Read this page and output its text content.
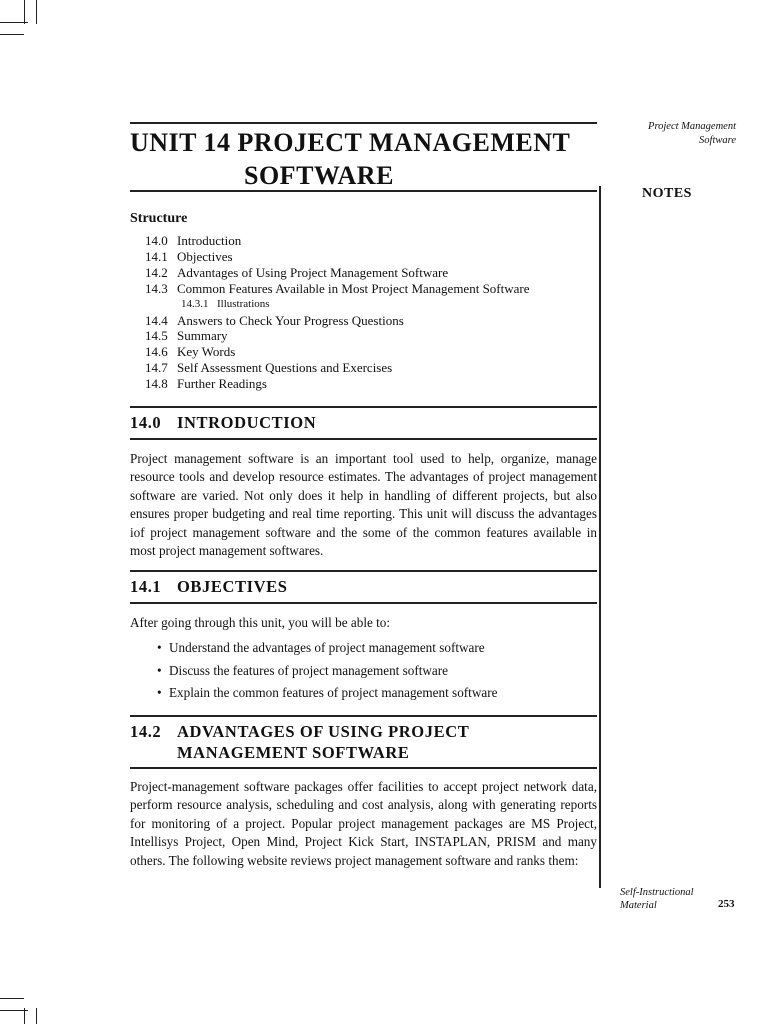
UNIT 14 PROJECT MANAGEMENT
SOFTWARE
Project Management
Software
NOTES
Structure
14.0 Introduction
14.1 Objectives
14.2 Advantages of Using Project Management Software
14.3 Common Features Available in Most Project Management Software
14.3.1 Illustrations
14.4 Answers to Check Your Progress Questions
14.5 Summary
14.6 Key Words
14.7 Self Assessment Questions and Exercises
14.8 Further Readings
14.0 INTRODUCTION
Project management software is an important tool used to help, organize, manage resource tools and develop resource estimates. The advantages of project management software are varied. Not only does it help in handling of different projects, but also ensures proper budgeting and real time reporting. This unit will discuss the advantages iof project management software and the some of the common features available in most project management softwares.
14.1 OBJECTIVES
After going through this unit, you will be able to:
• Understand the advantages of project management software
• Discuss the features of project management software
• Explain the common features of project management software
14.2 ADVANTAGES OF USING PROJECT
MANAGEMENT SOFTWARE
Project-management software packages offer facilities to accept project network data, perform resource analysis, scheduling and cost analysis, along with generating reports for monitoring of a project. Popular project management packages are MS Project, Intellisys Project, Open Mind, Project Kick Start, INSTAPLAN, PRISM and many others. The following website reviews project management software and ranks them:
Self-Instructional
Material	253
